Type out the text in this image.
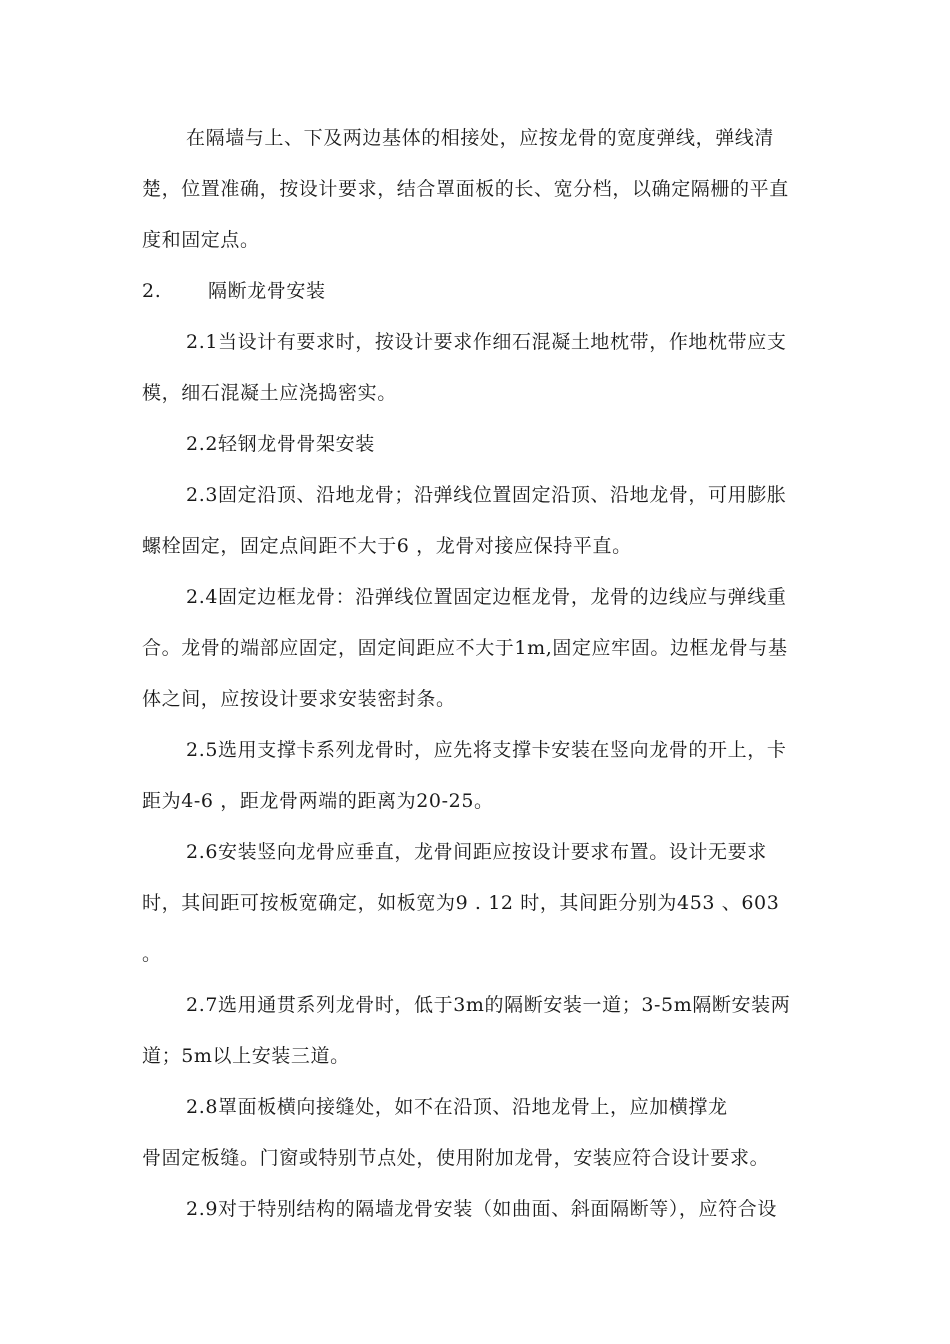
在隔墙与上、下及两边基体的相接处，应按龙骨的宽度弹线，弹线清
楚，位置准确，按设计要求，结合罩面板的长、宽分档，以确定隔栅的平直
度和固定点。
2. 隔断龙骨安装
2.1当设计有要求时，按设计要求作细石混凝土地枕带，作地枕带应支
模，细石混凝土应浇捣密实。
2.2轻钢龙骨骨架安装
2.3固定沿顶、沿地龙骨；沿弹线位置固定沿顶、沿地龙骨，可用膨胀
螺栓固定，固定点间距不大于6 ，龙骨对接应保持平直。
2.4固定边框龙骨：沿弹线位置固定边框龙骨，龙骨的边线应与弹线重
合。龙骨的端部应固定，固定间距应不大于1m,固定应牢固。边框龙骨与基
体之间，应按设计要求安装密封条。
2.5选用支撑卡系列龙骨时，应先将支撑卡安装在竖向龙骨的开上，卡
距为4-6 ，距龙骨两端的距离为20-25。
2.6安装竖向龙骨应垂直，龙骨间距应按设计要求布置。设计无要求
时，其间距可按板宽确定，如板宽为9 . 12 时，其间距分别为453 、603
。
2.7选用通贯系列龙骨时，低于3m的隔断安装一道；3-5m隔断安装两
道；5m以上安装三道。
2.8罩面板横向接缝处，如不在沿顶、沿地龙骨上，应加横撑龙
骨固定板缝。门窗或特别节点处，使用附加龙骨，安装应符合设计要求。
2.9对于特别结构的隔墙龙骨安装（如曲面、斜面隔断等），应符合设
